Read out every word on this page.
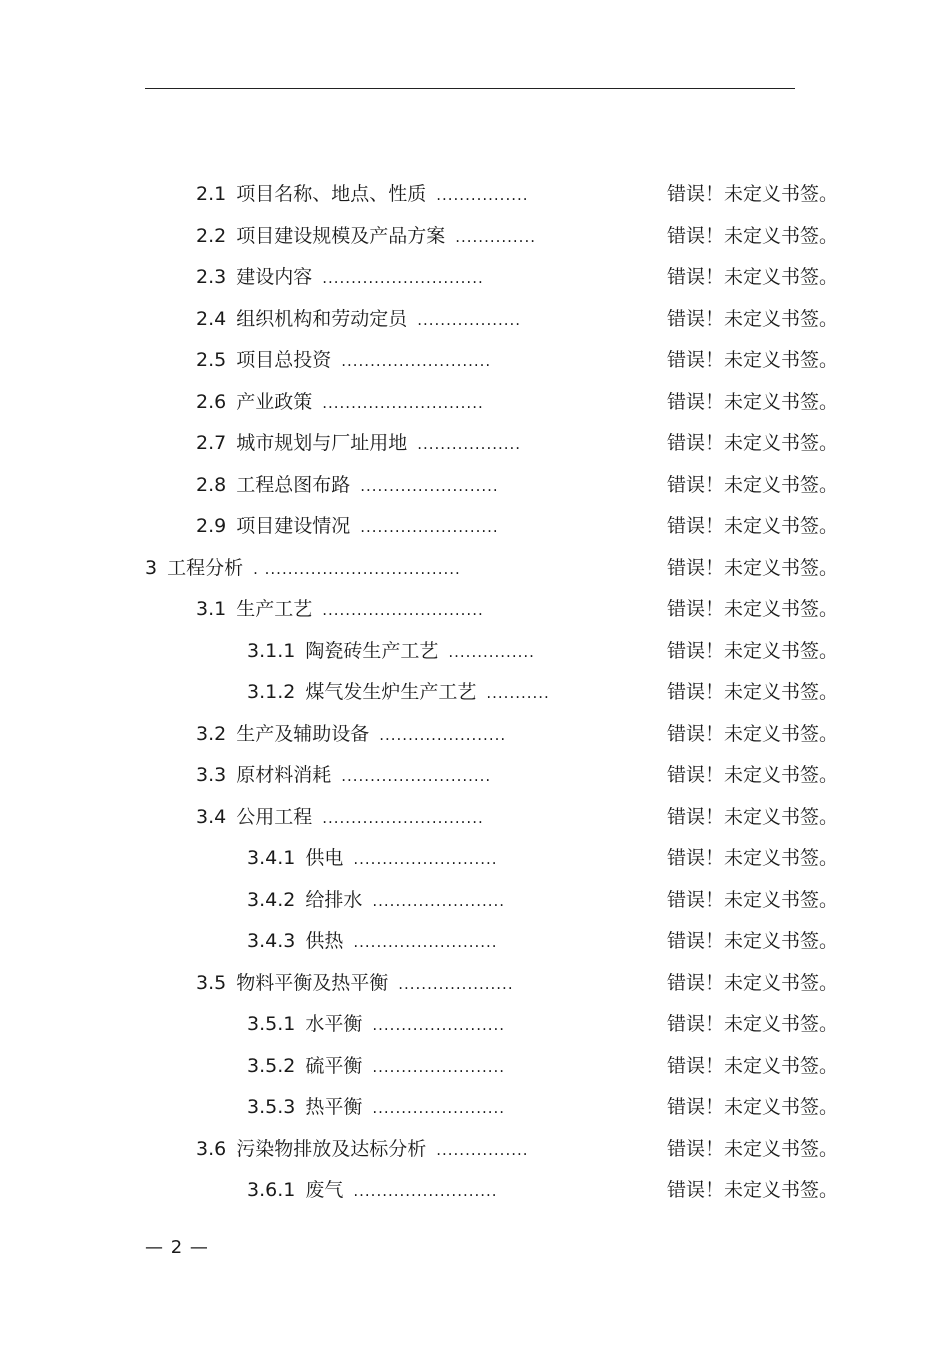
2.1 项目名称、地点、性质 ................	错误！未定义书签。
2.2 项目建设规模及产品方案 ..............	错误！未定义书签。
2.3 建设内容 ............................	错误！未定义书签。
2.4 组织机构和劳动定员 ..................	错误！未定义书签。
2.5 项目总投资 ..........................	错误！未定义书签。
2.6 产业政策 ............................	错误！未定义书签。
2.7 城市规划与厂址用地 ..................	错误！未定义书签。
2.8 工程总图布路 ........................	错误！未定义书签。
2.9 项目建设情况 ........................	错误！未定义书签。
3 工程分析 . ..................................	错误！未定义书签。
3.1 生产工艺 ............................	错误！未定义书签。
3.1.1 陶瓷砖生产工艺 ...............	错误！未定义书签。
3.1.2 煤气发生炉生产工艺 ...........	错误！未定义书签。
3.2 生产及辅助设备 ......................	错误！未定义书签。
3.3 原材料消耗 ..........................	错误！未定义书签。
3.4 公用工程 ............................	错误！未定义书签。
3.4.1 供电 .........................	错误！未定义书签。
3.4.2 给排水 .......................	错误！未定义书签。
3.4.3 供热 .........................	错误！未定义书签。
3.5 物料平衡及热平衡 ....................	错误！未定义书签。
3.5.1 水平衡 .......................	错误！未定义书签。
3.5.2 硫平衡 .......................	错误！未定义书签。
3.5.3 热平衡 .......................	错误！未定义书签。
3.6 污染物排放及达标分析 ................	错误！未定义书签。
3.6.1 废气 .........................	错误！未定义书签。
— 2 —
